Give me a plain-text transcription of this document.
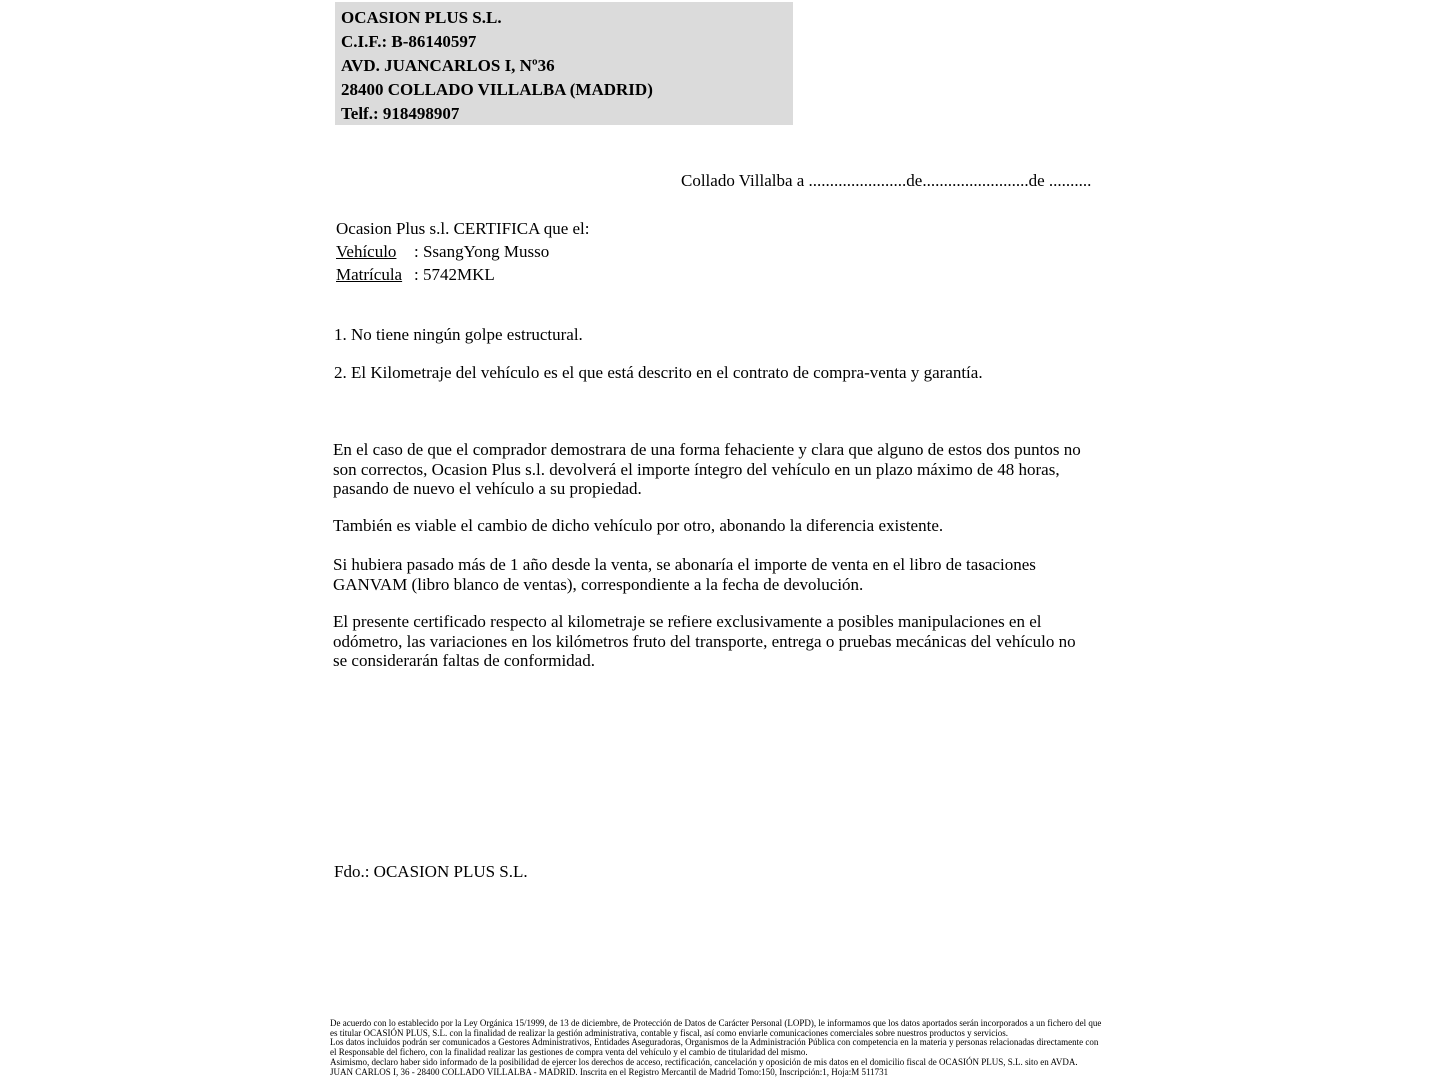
OCASION PLUS S.L.
C.I.F.: B-86140597
AVD. JUANCARLOS I, Nº36
28400 COLLADO VILLALBA (MADRID)
Telf.: 918498907
Collado Villalba a .......................de.........................de ..........
Ocasion Plus s.l. CERTIFICA que el:
Vehículo	: SsangYong Musso
Matrícula : 5742MKL
1. No tiene ningún golpe estructural.
2. El Kilometraje del vehículo es el que está descrito en el contrato de compra-venta y garantía.
En el caso de que el comprador demostrara de una forma fehaciente y clara que alguno de estos dos puntos no son correctos, Ocasion Plus s.l. devolverá el importe íntegro del vehículo en un plazo máximo de 48 horas, pasando de nuevo el vehículo a su propiedad.
También es viable el cambio de dicho vehículo por otro, abonando la diferencia existente.
Si hubiera pasado más de 1 año desde la venta, se abonaría el importe de venta en el libro de tasaciones GANVAM (libro blanco de ventas), correspondiente a la fecha de devolución.
El presente certificado respecto al kilometraje se refiere exclusivamente a posibles manipulaciones en el odómetro, las variaciones en los kilómetros fruto del transporte, entrega o pruebas mecánicas del vehículo no se considerarán faltas de conformidad.
Fdo.: OCASION PLUS S.L.

De acuerdo con lo establecido por la Ley Orgánica 15/1999, de 13 de diciembre, de Protección de Datos de Carácter Personal (LOPD), le informamos que los datos aportados serán incorporados a un fichero del que es titular OCASIÓN PLUS, S.L. con la finalidad de realizar la gestión administrativa, contable y fiscal, así como enviarle comunicaciones comerciales sobre nuestros productos y servicios.

Los datos incluidos podrán ser comunicados a Gestores Administrativos, Entidades Aseguradoras, Organismos de la Administración Pública con competencia en la materia y personas relacionadas directamente con el Responsable del fichero, con la finalidad realizar las gestiones de compra venta del vehículo y el cambio de titularidad del mismo.

Asimismo, declaro haber sido informado de la posibilidad de ejercer los derechos de acceso, rectificación, cancelación y oposición de mis datos en el domicilio fiscal de OCASIÓN PLUS, S.L. sito en AVDA. JUAN CARLOS I, 36 - 28400 COLLADO VILLALBA - MADRID. Inscrita en el Registro Mercantil de Madrid Tomo:150, Inscripción:1, Hoja:M 511731
